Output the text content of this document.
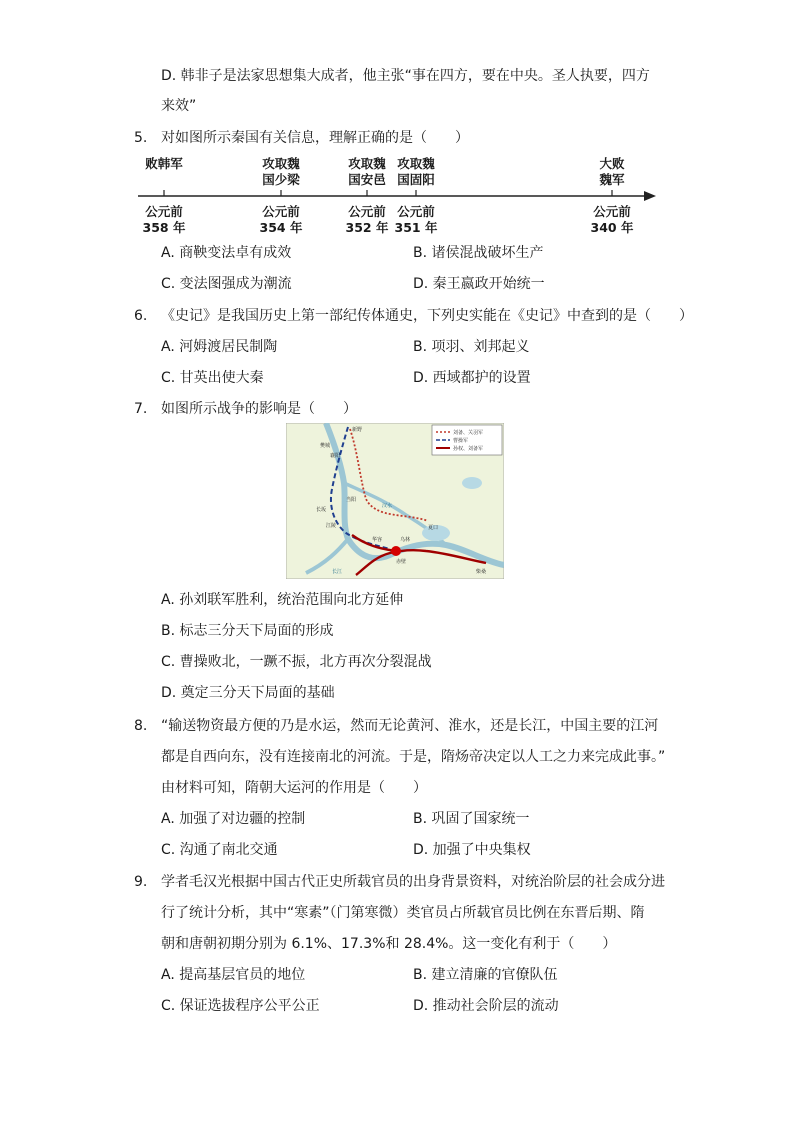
D. 韩非子是法家思想集大成者，他主张“事在四方，要在中央。圣人执要，四方
来效”
5. 对如图所示秦国有关信息，理解正确的是（　　）
败韩军
公元前
358 年
攻取魏
国少梁
公元前
354 年
攻取魏
国安邑
公元前
352 年
攻取魏
国固阳
公元前
351 年
大败
魏军
公元前
340 年
A. 商鞅变法卓有成效	B. 诸侯混战破坏生产
C. 变法图强成为潮流	D. 秦王嬴政开始统一
6. 《史记》是我国历史上第一部纪传体通史，下列史实能在《史记》中查到的是（　　）
A. 河姆渡居民制陶	B. 项羽、刘邦起义
C. 甘英出使大秦	D. 西域都护的设置
7. 如图所示战争的影响是（　　）
刘备、关羽军
曹操军
孙权、刘备军
新野
樊城
襄阳
当阳
长坂
江陵
乌林
赤壁
华容
长江
汉水
夏口
柴桑
A. 孙刘联军胜利，统治范围向北方延伸
B. 标志三分天下局面的形成
C. 曹操败北，一蹶不振，北方再次分裂混战
D. 奠定三分天下局面的基础
8. “输送物资最方便的乃是水运，然而无论黄河、淮水，还是长江，中国主要的江河
都是自西向东，没有连接南北的河流。于是，隋炀帝决定以人工之力来完成此事。”
由材料可知，隋朝大运河的作用是（　　）
A. 加强了对边疆的控制	B. 巩固了国家统一
C. 沟通了南北交通	D. 加强了中央集权
9. 学者毛汉光根据中国古代正史所载官员的出身背景资料，对统治阶层的社会成分进
行了统计分析，其中“寒素”（门第寒微）类官员占所载官员比例在东晋后期、隋
朝和唐朝初期分别为 6.1%、17.3%和 28.4%。这一变化有利于（　　）
A. 提高基层官员的地位	B. 建立清廉的官僚队伍
C. 保证选拔程序公平公正	D. 推动社会阶层的流动
